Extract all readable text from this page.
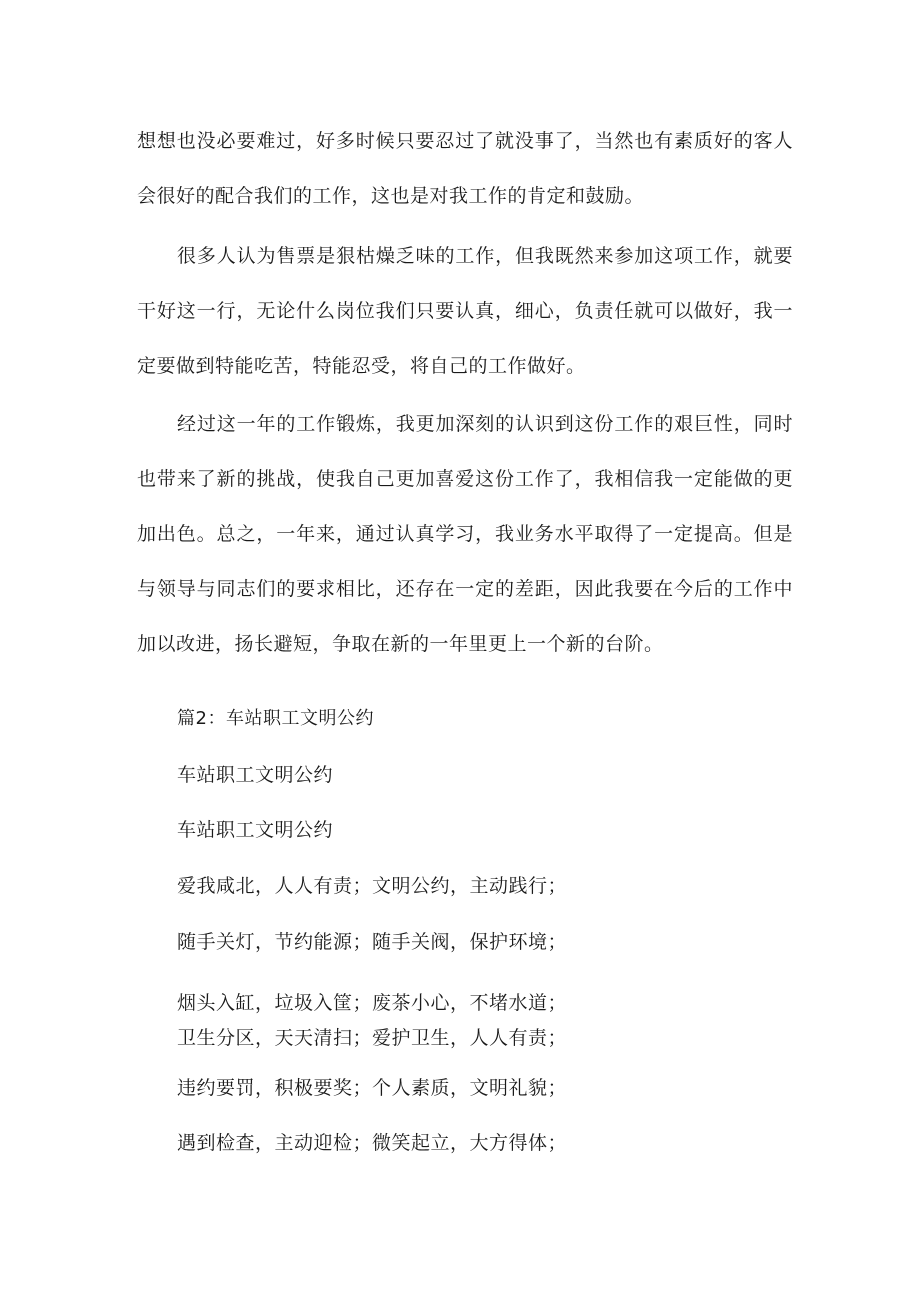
想想也没必要难过，好多时候只要忍过了就没事了，当然也有素质好的客人会很好的配合我们的工作，这也是对我工作的肯定和鼓励。

很多人认为售票是狠枯燥乏味的工作，但我既然来参加这项工作，就要干好这一行，无论什么岗位我们只要认真，细心，负责任就可以做好，我一定要做到特能吃苦，特能忍受，将自己的工作做好。

经过这一年的工作锻炼，我更加深刻的认识到这份工作的艰巨性，同时也带来了新的挑战，使我自己更加喜爱这份工作了，我相信我一定能做的更加出色。总之，一年来，通过认真学习，我业务水平取得了一定提高。但是与领导与同志们的要求相比，还存在一定的差距，因此我要在今后的工作中加以改进，扬长避短，争取在新的一年里更上一个新的台阶。

篇2：车站职工文明公约

车站职工文明公约

车站职工文明公约

爱我咸北，人人有责；文明公约，主动践行；

随手关灯，节约能源；随手关阀，保护环境；

烟头入缸，垃圾入筐；废茶小心，不堵水道；

卫生分区，天天清扫；爱护卫生，人人有责；

违约要罚，积极要奖；个人素质，文明礼貌；

遇到检查，主动迎检；微笑起立，大方得体；
